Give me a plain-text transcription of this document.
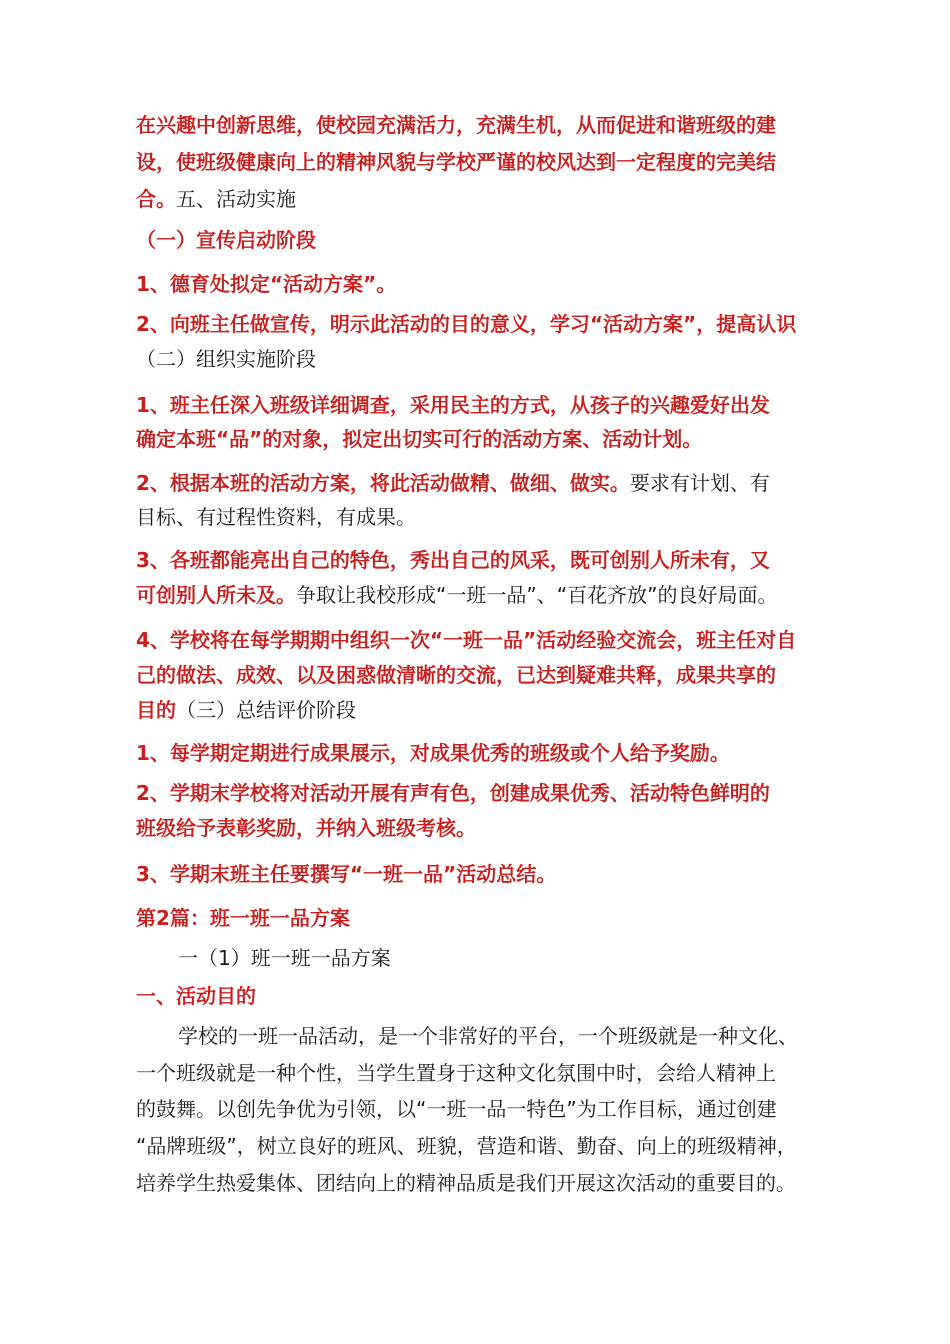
在兴趣中创新思维，使校园充满活力，充满生机，从而促进和谐班级的建
设，使班级健康向上的精神风貌与学校严谨的校风达到一定程度的完美结
合。五、活动实施
（一）宣传启动阶段
1、德育处拟定“活动方案”。
2、向班主任做宣传，明示此活动的目的意义，学习“活动方案”，提高认识
（二）组织实施阶段
1、班主任深入班级详细调查，采用民主的方式，从孩子的兴趣爱好出发
确定本班“品”的对象，拟定出切实可行的活动方案、活动计划。
2、根据本班的活动方案，将此活动做精、做细、做实。要求有计划、有
目标、有过程性资料，有成果。
3、各班都能亮出自己的特色，秀出自己的风采，既可创别人所未有，又
可创别人所未及。争取让我校形成“一班一品”、“百花齐放”的良好局面。
4、学校将在每学期期中组织一次“一班一品”活动经验交流会，班主任对自
己的做法、成效、以及困惑做清晰的交流，已达到疑难共释，成果共享的
目的（三）总结评价阶段
1、每学期定期进行成果展示，对成果优秀的班级或个人给予奖励。
2、学期末学校将对活动开展有声有色，创建成果优秀、活动特色鲜明的
班级给予表彰奖励，并纳入班级考核。
3、学期末班主任要撰写“一班一品”活动总结。
第2篇：班一班一品方案
一（1）班一班一品方案
一、活动目的
学校的一班一品活动，是一个非常好的平台，一个班级就是一种文化、
一个班级就是一种个性，当学生置身于这种文化氛围中时，会给人精神上
的鼓舞。以创先争优为引领，以“一班一品一特色”为工作目标，通过创建
“品牌班级”，树立良好的班风、班貌，营造和谐、勤奋、向上的班级精神，
培养学生热爱集体、团结向上的精神品质是我们开展这次活动的重要目的。
